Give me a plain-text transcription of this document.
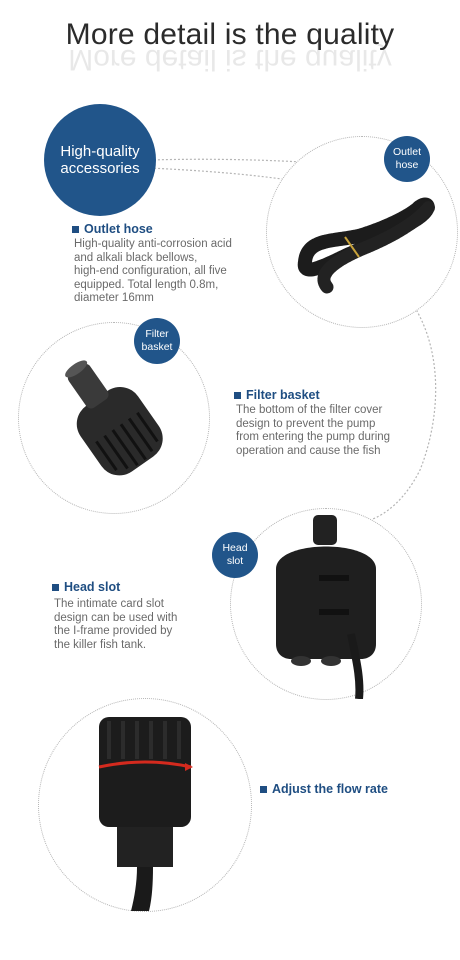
More detail is the quality
More detail is the quality
High-quality
accessories
Outlet
hose
Outlet hose
High-quality anti-corrosion acid
and alkali black bellows,
high-end configuration, all five
equipped. Total length 0.8m,
diameter 16mm
Filter
basket
Filter basket
The bottom of the filter cover
design to prevent the pump
from entering the pump during
operation and cause the fish
Head
slot
Head slot
The intimate card slot
design can be used with
the I-frame provided by
the killer fish tank.
Adjust the flow rate
